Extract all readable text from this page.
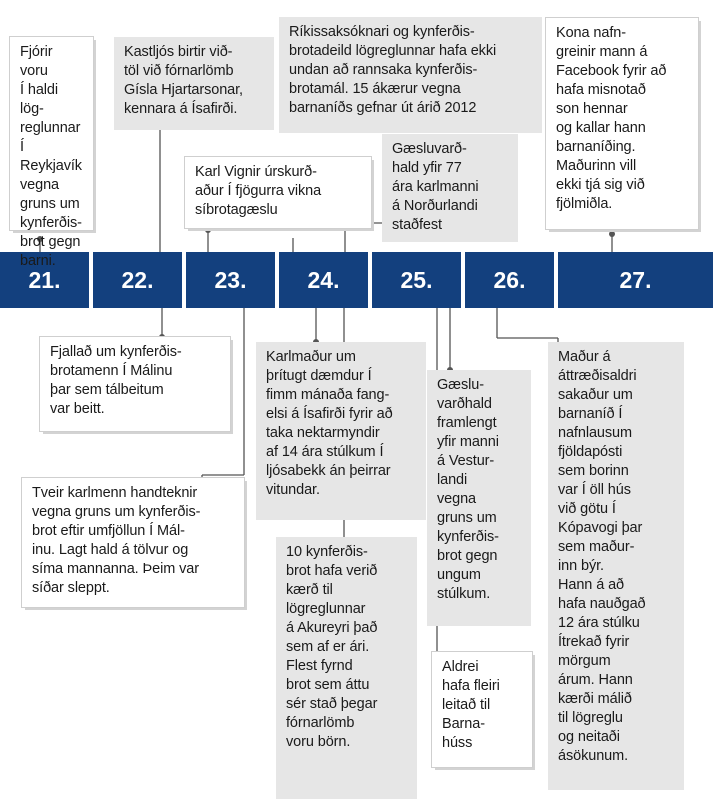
21.	22.	23.	24.	25.	26.	27.
Fjórir voru
Í haldi lög-
reglunnar
Í Reykjavík
vegna
gruns um
kynferðis-
brot gegn
barni.
Kastljós birtir við-
töl við fórnarlömb
Gísla Hjartarsonar,
kennara á Ísafirði.
Karl Vignir úrskurð-
aður Í fjögurra vikna
síbrotagæslu
Ríkissaksóknari og kynferðis-
brotadeild lögreglunnar hafa ekki
undan að rannsaka kynferðis-
brotamál. 15 ákærur vegna
barnaníðs gefnar út árið 2012
Gæsluvarð-
hald yfir 77
ára karlmanni
á Norðurlandi
staðfest
Kona nafn-
greinir mann á
Facebook fyrir að
hafa misnotað
son hennar
og kallar hann
barnaníðing.
Maðurinn vill
ekki tjá sig við
fjölmiðla.
Fjallað um kynferðis-
brotamenn Í Málinu
þar sem tálbeitum
var beitt.
Tveir karlmenn handteknir
vegna gruns um kynferðis-
brot eftir umfjöllun Í Mál-
inu. Lagt hald á tölvur og
síma mannanna. Þeim var
síðar sleppt.
Karlmaður um
þrítugt dæmdur Í
fimm mánaða fang-
elsi á Ísafirði fyrir að
taka nektarmyndir
af 14 ára stúlkum Í
ljósabekk án þeirrar
vitundar.
10 kynferðis-
brot hafa verið
kærð til
lögreglunnar
á Akureyri það
sem af er ári.
Flest fyrnd
brot sem áttu
sér stað þegar
fórnarlömb
voru börn.
Gæslu-
varðhald
framlengt
yfir manni
á Vestur-
landi
vegna
gruns um
kynferðis-
brot gegn
ungum
stúlkum.
Aldrei
hafa fleiri
leitað til
Barna-
húss
Maður á
áttræðisaldri
sakaður um
barnaníð Í
nafnlausum
fjöldapósti
sem borinn
var Í öll hús
við götu Í
Kópavogi þar
sem maður-
inn býr.
Hann á að
hafa nauðgað
12 ára stúlku
Ítrekað fyrir
mörgum
árum. Hann
kærði málið
til lögreglu
og neitaði
ásökunum.
